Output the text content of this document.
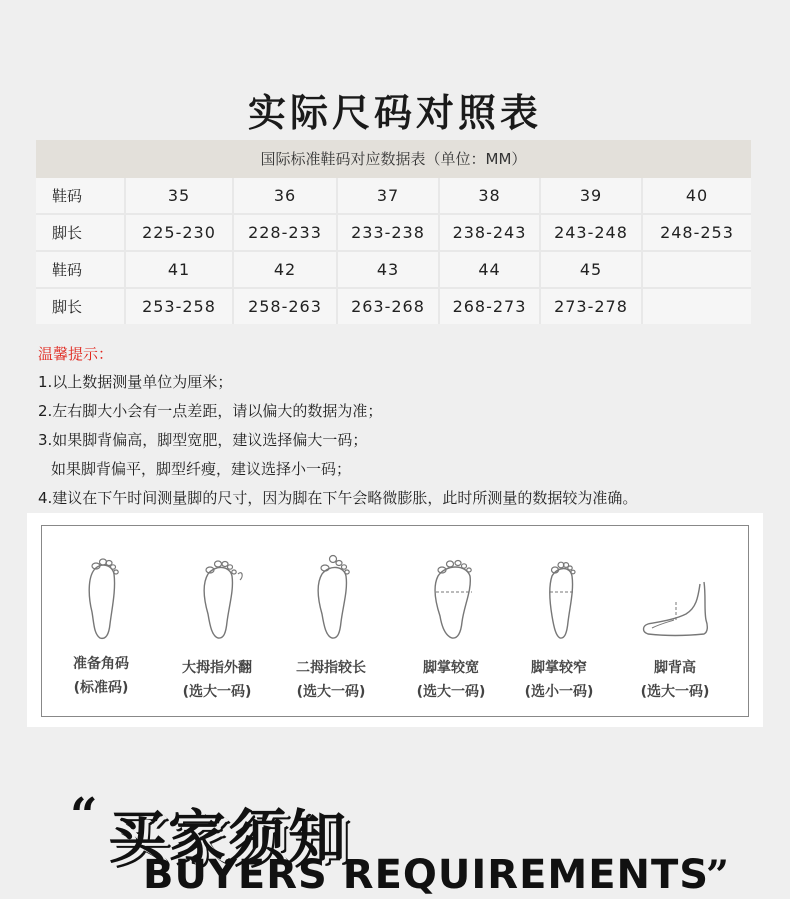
实际尺码对照表
国际标准鞋码对应数据表（单位：MM）
鞋码	35	36	37	38	39	40
脚长	225-230	228-233	233-238	238-243	243-248	248-253
鞋码	41	42	43	44	45	
脚长	253-258	258-263	263-268	268-273	273-278	
温馨提示：
1.以上数据测量单位为厘米；
2.左右脚大小会有一点差距，请以偏大的数据为准；
3.如果脚背偏高，脚型宽肥，建议选择偏大一码；
如果脚背偏平，脚型纤瘦，建议选择小一码；
4.建议在下午时间测量脚的尺寸，因为脚在下午会略微膨胀，此时所测量的数据较为准确。
准备角码
(标准码)
大拇指外翻
(选大一码)
二拇指较长
(选大一码)
脚掌较宽
(选大一码)
脚掌较窄
(选小一码)
脚背高
(选大一码)
“ 买家须知
BUYERS REQUIREMENTS
”
